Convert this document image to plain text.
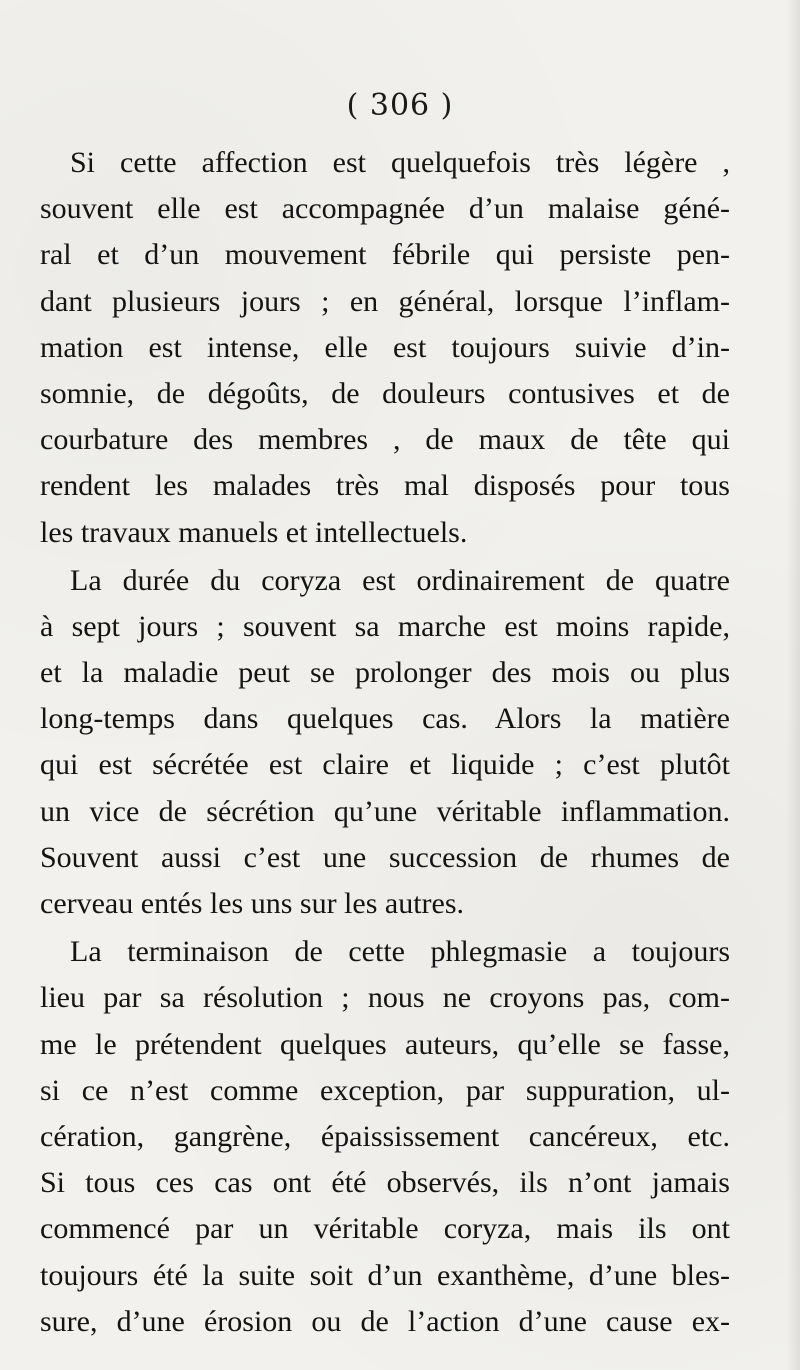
( 306 )
Si cette affection est quelquefois très légère ,
souvent elle est accompagnée d’un malaise géné-
ral et d’un mouvement fébrile qui persiste pen-
dant plusieurs jours ; en général, lorsque l’inflam-
mation est intense, elle est toujours suivie d’in-
somnie, de dégoûts, de douleurs contusives et de
courbature des membres , de maux de tête qui
rendent les malades très mal disposés pour tous
les travaux manuels et intellectuels.
La durée du coryza est ordinairement de quatre
à sept jours ; souvent sa marche est moins rapide,
et la maladie peut se prolonger des mois ou plus
long-temps dans quelques cas. Alors la matière
qui est sécrétée est claire et liquide ; c’est plutôt
un vice de sécrétion qu’une véritable inflammation.
Souvent aussi c’est une succession de rhumes de
cerveau entés les uns sur les autres.
La terminaison de cette phlegmasie a toujours
lieu par sa résolution ; nous ne croyons pas, com-
me le prétendent quelques auteurs, qu’elle se fasse,
si ce n’est comme exception, par suppuration, ul-
cération, gangrène, épaississement cancéreux, etc.
Si tous ces cas ont été observés, ils n’ont jamais
commencé par un véritable coryza, mais ils ont
toujours été la suite soit d’un exanthème, d’une bles-
sure, d’une érosion ou de l’action d’une cause ex-
